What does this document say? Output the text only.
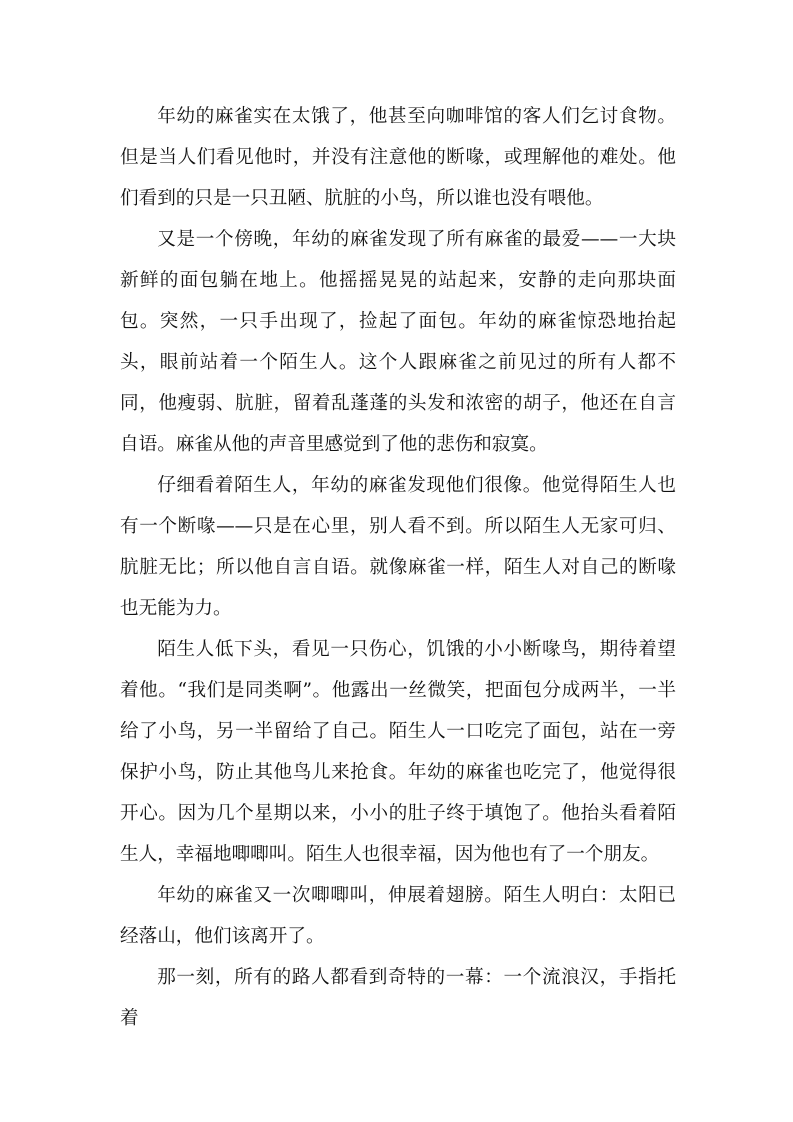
年幼的麻雀实在太饿了，他甚至向咖啡馆的客人们乞讨食物。但是当人们看见他时，并没有注意他的断喙，或理解他的难处。他们看到的只是一只丑陋、肮脏的小鸟，所以谁也没有喂他。

又是一个傍晚，年幼的麻雀发现了所有麻雀的最爱——一大块新鲜的面包躺在地上。他摇摇晃晃的站起来，安静的走向那块面包。突然，一只手出现了，捡起了面包。年幼的麻雀惊恐地抬起头，眼前站着一个陌生人。这个人跟麻雀之前见过的所有人都不同，他瘦弱、肮脏，留着乱蓬蓬的头发和浓密的胡子，他还在自言自语。麻雀从他的声音里感觉到了他的悲伤和寂寞。

仔细看着陌生人，年幼的麻雀发现他们很像。他觉得陌生人也有一个断喙——只是在心里，别人看不到。所以陌生人无家可归、肮脏无比；所以他自言自语。就像麻雀一样，陌生人对自己的断喙也无能为力。

陌生人低下头，看见一只伤心，饥饿的小小断喙鸟，期待着望着他。“我们是同类啊”。他露出一丝微笑，把面包分成两半，一半给了小鸟，另一半留给了自己。陌生人一口吃完了面包，站在一旁保护小鸟，防止其他鸟儿来抢食。年幼的麻雀也吃完了，他觉得很开心。因为几个星期以来，小小的肚子终于填饱了。他抬头看着陌生人，幸福地唧唧叫。陌生人也很幸福，因为他也有了一个朋友。

年幼的麻雀又一次唧唧叫，伸展着翅膀。陌生人明白：太阳已经落山，他们该离开了。

那一刻，所有的路人都看到奇特的一幕：一个流浪汉，手指托着
